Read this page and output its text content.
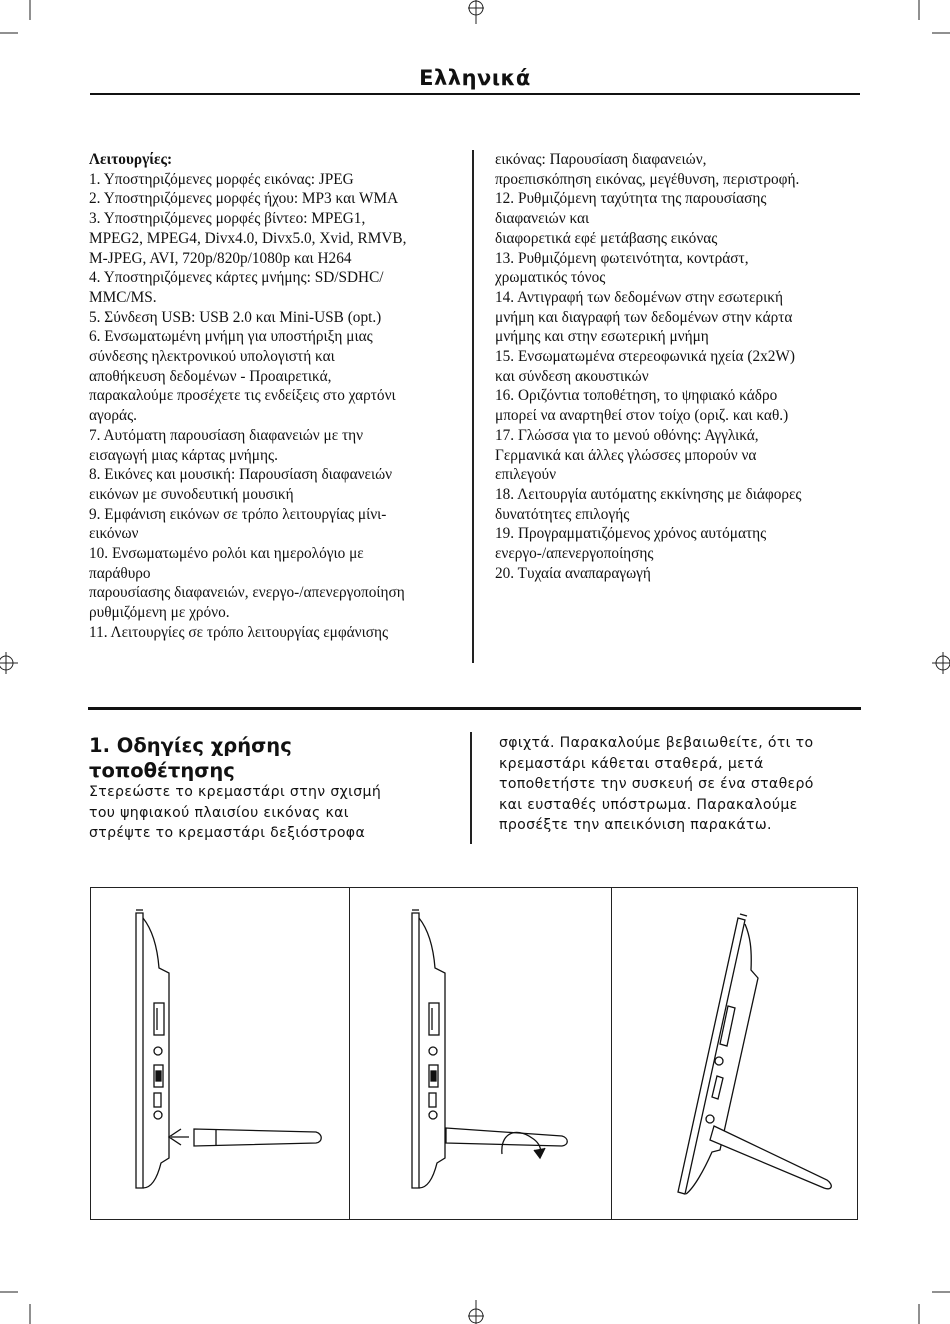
Ελληνικά
Λειτουργίες:
1. Υποστηριζόμενες μορφές εικόνας: JPEG
2. Υποστηριζόμενες μορφές ήχου: MP3 και WMA
3. Υποστηριζόμενες μορφές βίντεο: MPEG1,
MPEG2, MPEG4, Divx4.0, Divx5.0, Xvid, RMVB,
M-JPEG, AVI, 720p/820p/1080p και H264
4. Υποστηριζόμενες κάρτες μνήμης: SD/SDHC/
MMC/MS.
5. Σύνδεση USB: USB 2.0 και Mini-USB (opt.)
6. Ενσωματωμένη μνήμη για υποστήριξη μιας
σύνδεσης ηλεκτρονικού υπολογιστή και
αποθήκευση δεδομένων - Προαιρετικά,
παρακαλούμε προσέχετε τις ενδείξεις στο χαρτόνι
αγοράς.
7. Αυτόματη παρουσίαση διαφανειών με την
εισαγωγή μιας κάρτας μνήμης.
8. Εικόνες και μουσική: Παρουσίαση διαφανειών
εικόνων με συνοδευτική μουσική
9. Εμφάνιση εικόνων σε τρόπο λειτουργίας μίνι-
εικόνων
10. Ενσωματωμένο ρολόι και ημερολόγιο με
παράθυρο
παρουσίασης διαφανειών, ενεργο-/απενεργοποίηση
ρυθμιζόμενη με χρόνο.
11. Λειτουργίες σε τρόπο λειτουργίας εμφάνισης
εικόνας: Παρουσίαση διαφανειών,
προεπισκόπηση εικόνας, μεγέθυνση, περιστροφή.
12. Ρυθμιζόμενη ταχύτητα της παρουσίασης
διαφανειών και
διαφορετικά εφέ μετάβασης εικόνας
13. Ρυθμιζόμενη φωτεινότητα, κοντράστ,
χρωματικός τόνος
14. Αντιγραφή των δεδομένων στην εσωτερική
μνήμη και διαγραφή των δεδομένων στην κάρτα
μνήμης και στην εσωτερική μνήμη
15. Ενσωματωμένα στερεοφωνικά ηχεία (2x2W)
και σύνδεση ακουστικών
16. Οριζόντια τοποθέτηση, το ψηφιακό κάδρο
μπορεί να αναρτηθεί στον τοίχο (οριζ. και καθ.)
17. Γλώσσα για το μενού οθόνης: Αγγλικά,
Γερμανικά και άλλες γλώσσες μπορούν να
επιλεγούν
18. Λειτουργία αυτόματης εκκίνησης με διάφορες
δυνατότητες επιλογής
19. Προγραμματιζόμενος χρόνος αυτόματης
ενεργο-/απενεργοποίησης
20. Τυχαία αναπαραγωγή
1. Οδηγίες χρήσης
τοποθέτησης
Στερεώστε το κρεμαστάρι στην σχισμή
του ψηφιακού πλαισίου εικόνας και
στρέψτε το κρεμαστάρι δεξιόστροφα
σφιχτά. Παρακαλούμε βεβαιωθείτε, ότι το
κρεμαστάρι κάθεται σταθερά, μετά
τοποθετήστε την συσκευή σε ένα σταθερό
και ευσταθές υπόστρωμα. Παρακαλούμε
προσέξτε την απεικόνιση παρακάτω.
